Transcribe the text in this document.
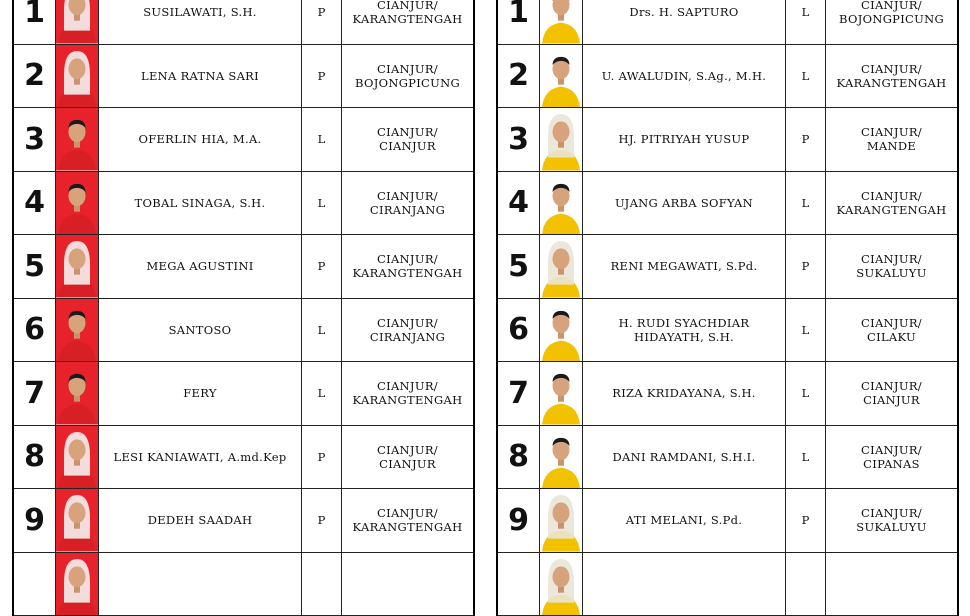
1	SUSILAWATI, S.H.	P	CIANJUR/
KARANGTENGAH
2	LENA RATNA SARI	P	CIANJUR/
BOJONGPICUNG
3	OFERLIN HIA, M.A.	L	CIANJUR/
CIANJUR
4	TOBAL SINAGA, S.H.	L	CIANJUR/
CIRANJANG
5	MEGA AGUSTINI	P	CIANJUR/
KARANGTENGAH
6	SANTOSO	L	CIANJUR/
CIRANJANG
7	FERY	L	CIANJUR/
KARANGTENGAH
8	LESI KANIAWATI, A.md.Kep	P	CIANJUR/
CIANJUR
9	DEDEH SAADAH	P	CIANJUR/
KARANGTENGAH
1	Drs. H. SAPTURO	L	CIANJUR/
BOJONGPICUNG
2	U. AWALUDIN, S.Ag., M.H.	L	CIANJUR/
KARANGTENGAH
3	HJ. PITRIYAH YUSUP	P	CIANJUR/
MANDE
4	UJANG ARBA SOFYAN	L	CIANJUR/
KARANGTENGAH
5	RENI MEGAWATI, S.Pd.	P	CIANJUR/
SUKALUYU
6	H. RUDI SYACHDIAR HIDAYATH, S.H.	L	CIANJUR/
CILAKU
7	RIZA KRIDAYANA, S.H.	L	CIANJUR/
CIANJUR
8	DANI RAMDANI, S.H.I.	L	CIANJUR/
CIPANAS
9	ATI MELANI, S.Pd.	P	CIANJUR/
SUKALUYU
